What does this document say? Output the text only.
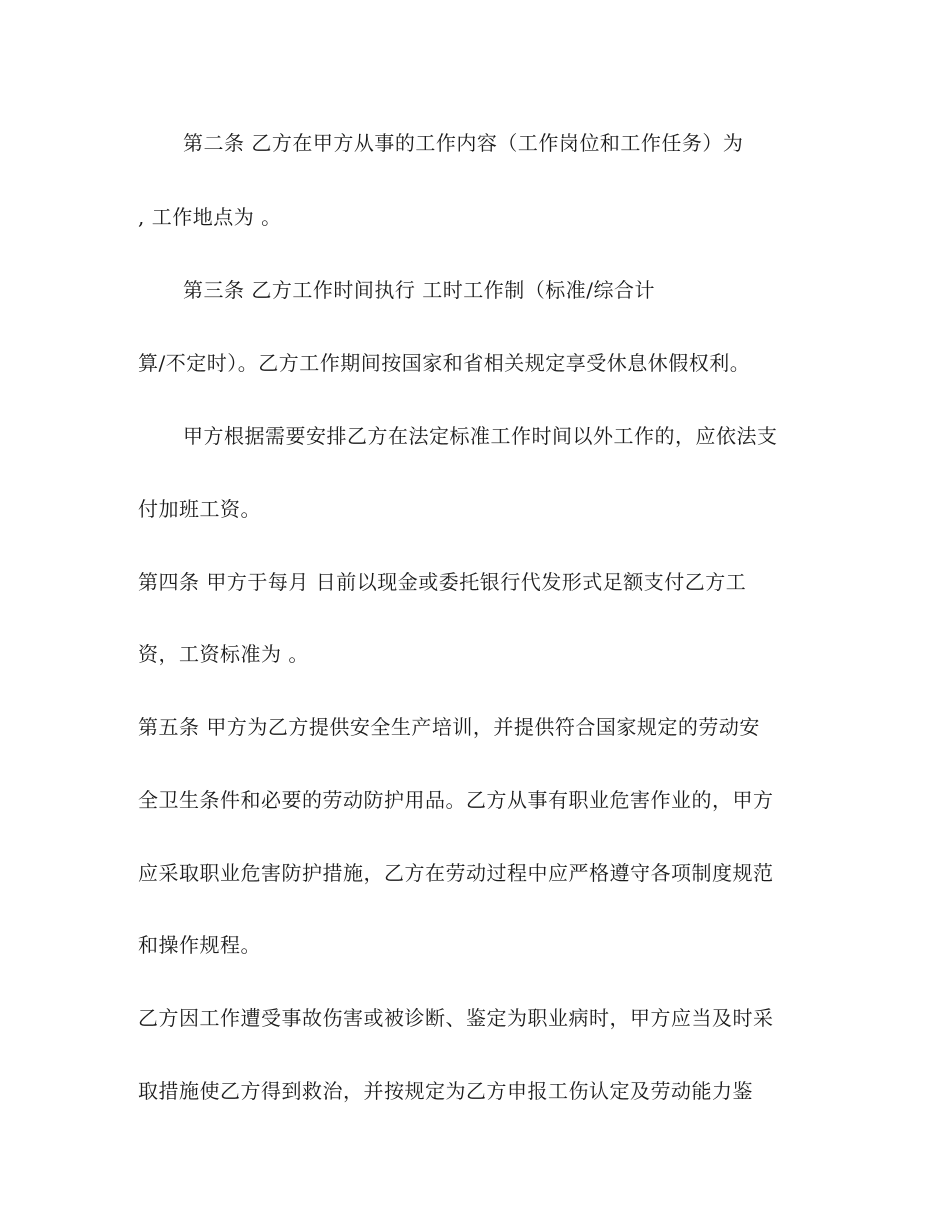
第二条 乙方在甲方从事的工作内容（工作岗位和工作任务）为
, 工作地点为 。
第三条 乙方工作时间执行 工时工作制（标准/综合计
算/不定时）。乙方工作期间按国家和省相关规定享受休息休假权利。
甲方根据需要安排乙方在法定标准工作时间以外工作的，应依法支
付加班工资。
第四条 甲方于每月 日前以现金或委托银行代发形式足额支付乙方工
资，工资标准为 。
第五条 甲方为乙方提供安全生产培训，并提供符合国家规定的劳动安
全卫生条件和必要的劳动防护用品。乙方从事有职业危害作业的，甲方
应采取职业危害防护措施，乙方在劳动过程中应严格遵守各项制度规范
和操作规程。
乙方因工作遭受事故伤害或被诊断、鉴定为职业病时，甲方应当及时采
取措施使乙方得到救治，并按规定为乙方申报工伤认定及劳动能力鉴
